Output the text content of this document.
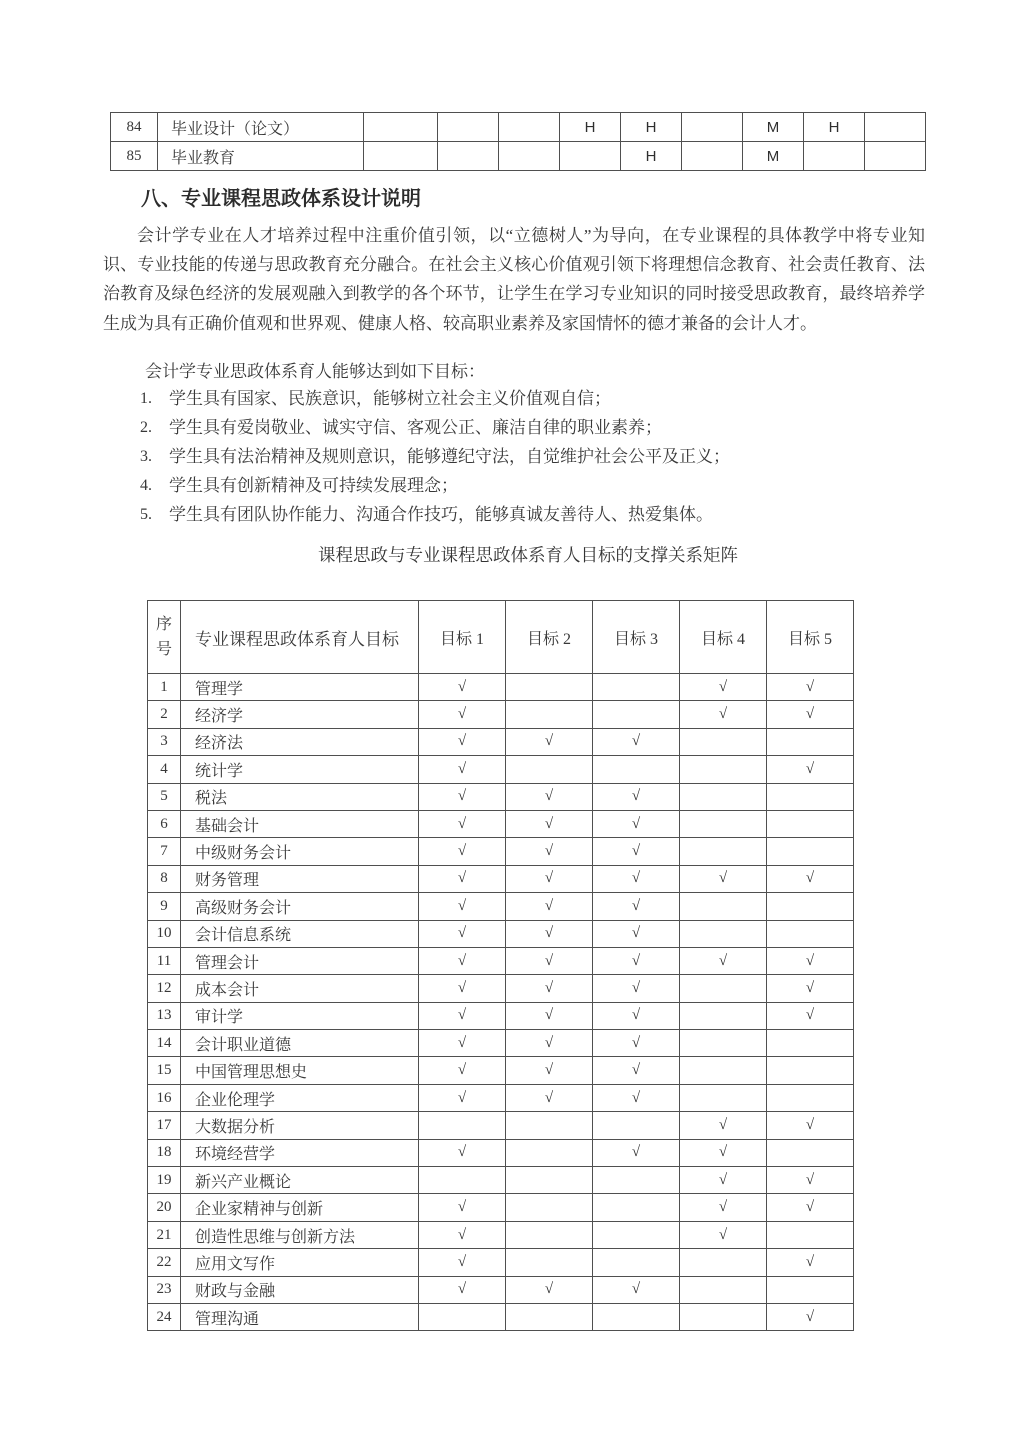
84	毕业设计（论文）				H	H		M	H	
85	毕业教育					H		M		
八、专业课程思政体系设计说明
会计学专业在人才培养过程中注重价值引领，以“立德树人”为导向，在专业课程的具体教学中将专业知识、专业技能的传递与思政教育充分融合。在社会主义核心价值观引领下将理想信念教育、社会责任教育、法治教育及绿色经济的发展观融入到教学的各个环节，让学生在学习专业知识的同时接受思政教育，最终培养学生成为具有正确价值观和世界观、健康人格、较高职业素养及家国情怀的德才兼备的会计人才。
会计学专业思政体系育人能够达到如下目标：
1.	学生具有国家、民族意识，能够树立社会主义价值观自信；
2.	学生具有爱岗敬业、诚实守信、客观公正、廉洁自律的职业素养；
3.	学生具有法治精神及规则意识，能够遵纪守法，自觉维护社会公平及正义；
4.	学生具有创新精神及可持续发展理念；
5.	学生具有团队协作能力、沟通合作技巧，能够真诚友善待人、热爱集体。
课程思政与专业课程思政体系育人目标的支撑关系矩阵
序号	专业课程思政体系育人目标	目标 1	目标 2	目标 3	目标 4	目标 5
1	管理学	√			√	√
2	经济学	√			√	√
3	经济法	√	√	√		
4	统计学	√				√
5	税法	√	√	√		
6	基础会计	√	√	√		
7	中级财务会计	√	√	√		
8	财务管理	√	√	√	√	√
9	高级财务会计	√	√	√		
10	会计信息系统	√	√	√		
11	管理会计	√	√	√	√	√
12	成本会计	√	√	√		√
13	审计学	√	√	√		√
14	会计职业道德	√	√	√		
15	中国管理思想史	√	√	√		
16	企业伦理学	√	√	√		
17	大数据分析				√	√
18	环境经营学	√		√	√	
19	新兴产业概论				√	√
20	企业家精神与创新	√			√	√
21	创造性思维与创新方法	√			√	
22	应用文写作	√				√
23	财政与金融	√	√	√		
24	管理沟通					√
